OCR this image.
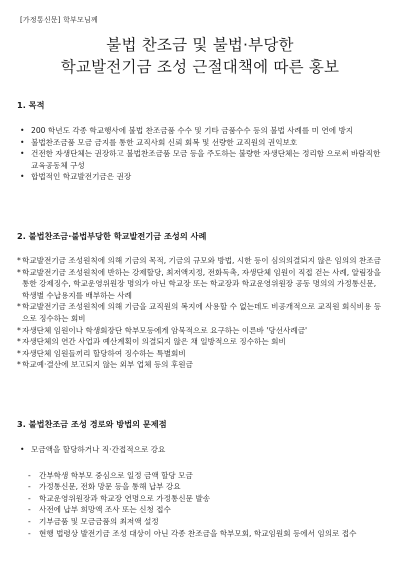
[가정통신문] 학부모님께
불법 찬조금 및 불법·부당한
학교발전기금 조성 근절대책에 따른 홍보

1. 목적

• 200 학년도 각종 학교행사에 불법 찬조금품 수수 및 기타 금품수수 등의 불법 사례를 미 연에 방지
• 불법찬조금품 모금 금지를 통한 교직사회 신뢰 회복 및 선량한 교직원의 권익보호
• 건전한 자생단체는 권장하고 불법찬조금품 모금 등을 주도하는 불량한 자생단체는 정리함 으로써 바람직한 교육공동체 구성
• 합법적인 학교발전기금은 권장

2. 불법찬조금·불법부당한 학교발전기금 조성의 사례

* 학교발전기금 조성원칙에 의해 기금의 목적, 기금의 규모와 방법, 시한 등이 심의의결되지 않은 임의의 찬조금
* 학교발전기금 조성원칙에 반하는 강제할당, 최저액지정, 전화독촉, 자생단체 임원이 직접 걷는 사례, 알림장을 통한 강제징수, 학교운영위원장 명의가 아닌 학교장 또는 학교장과 학교운영위원장 공동 명의의 가정통신문, 학생별 수납용지를 배부하는 사례
* 학교발전기금 조성원칙에 의해 기금을 교직원의 복지에 사용할 수 없는데도 비공개적으로 교직원 회식비용 등으로 징수하는 회비
* 자생단체 임원이나 학생회장단 학부모등에게 암묵적으로 요구하는 이른바 '당선사례금'
* 자생단체의 연간 사업과 예산계획이 의결되지 않은 채 일방적으로 징수하는 회비
* 자생단체 임원들끼리 할당하여 징수하는 특별회비
* 학교예·결산에 보고되지 않는 외부 업체 등의 후원금

3. 불법찬조금 조성 경로와 방법의 문제점

• 모금액을 할당하거나 직·간접적으로 강요
- 간부학생 학부모 중심으로 일정 금액 할당 모금
- 가정통신문, 전화 망문 등을 통해 납부 강요
- 학교운영위원장과 학교장 연명으로 가정통신문 발송
- 사전에 납부 희망액 조사 또는 신청 접수
- 기부금품 및 모금금품의 최저액 설정
- 현행 법령상 발전기금 조성 대상이 아닌 각종 찬조금을 학부모회, 학교임원회 등에서 임의로 접수
